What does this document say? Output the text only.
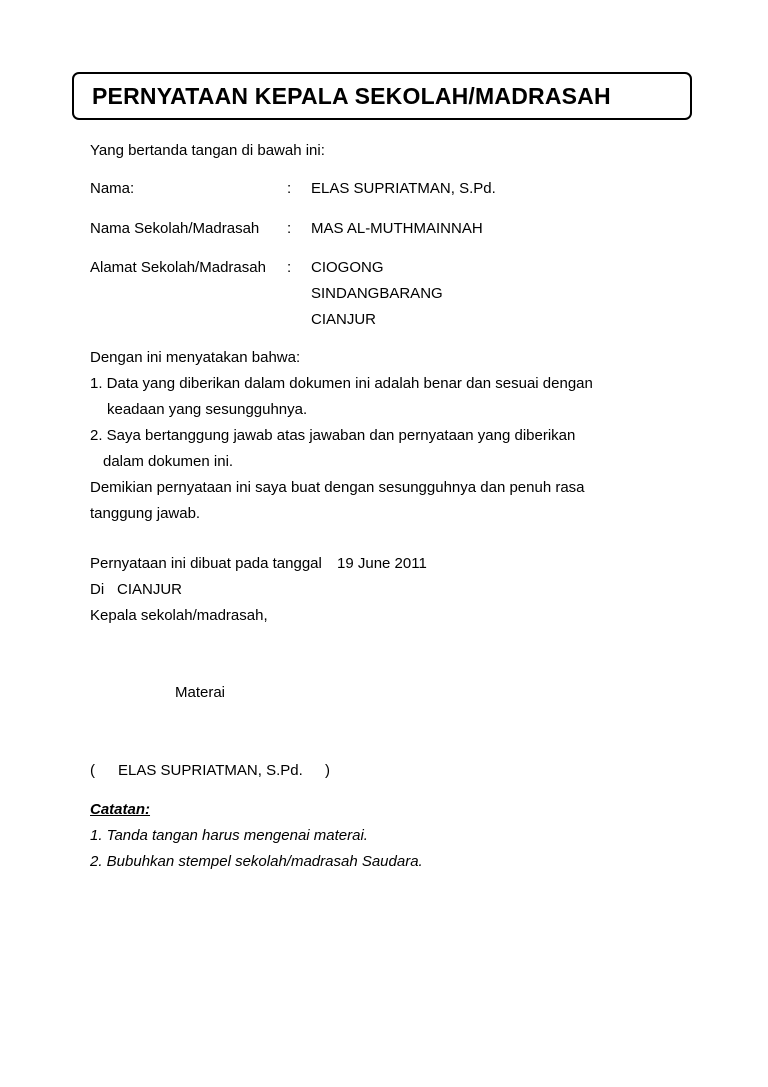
PERNYATAAN KEPALA SEKOLAH/MADRASAH

Yang bertanda tangan di bawah ini:

Nama:	: ELAS SUPRIATMAN, S.Pd.

Nama Sekolah/Madrasah : MAS AL-MUTHMAINNAH

Alamat Sekolah/Madrasah : CIOGONG

SINDANGBARANG

CIANJUR

Dengan ini menyatakan bahwa:

1. Data yang diberikan dalam dokumen ini adalah benar dan sesuai dengan

keadaan yang sesungguhnya.

2. Saya bertanggung jawab atas jawaban dan pernyataan yang diberikan

dalam dokumen ini.

Demikian pernyataan ini saya buat dengan sesungguhnya dan penuh rasa

tanggung jawab.

Pernyataan ini dibuat pada tanggal 19 June 2011

Di CIANJUR

Kepala sekolah/madrasah,

Materai

( ELAS SUPRIATMAN, S.Pd. )

Catatan:

1. Tanda tangan harus mengenai materai.

2. Bubuhkan stempel sekolah/madrasah Saudara.
